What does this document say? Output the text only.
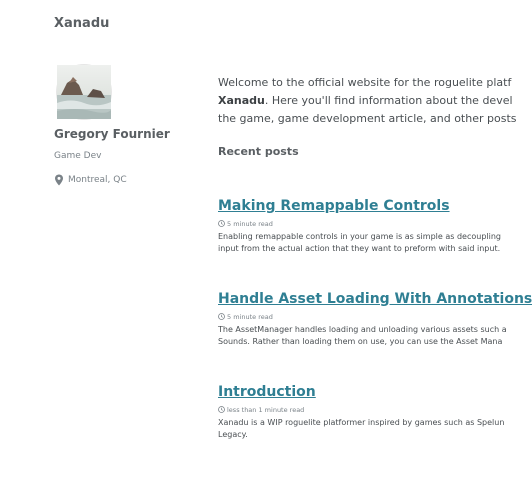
Xanadu
Gregory Fournier
Game Dev
Montreal, QC
Welcome to the official website for the roguelite platf
Xanadu. Here you'll find information about the devel
the game, game development article, and other posts
Recent posts
Making Remappable Controls
5 minute read
Enabling remappable controls in your game is as simple as decoupling
input from the actual action that they want to preform with said input.
Handle Asset Loading With Annotations
5 minute read
The AssetManager handles loading and unloading various assets such a
Sounds. Rather than loading them on use, you can use the Asset Mana
Introduction
less than 1 minute read
Xanadu is a WIP roguelite platformer inspired by games such as Spelun
Legacy.
